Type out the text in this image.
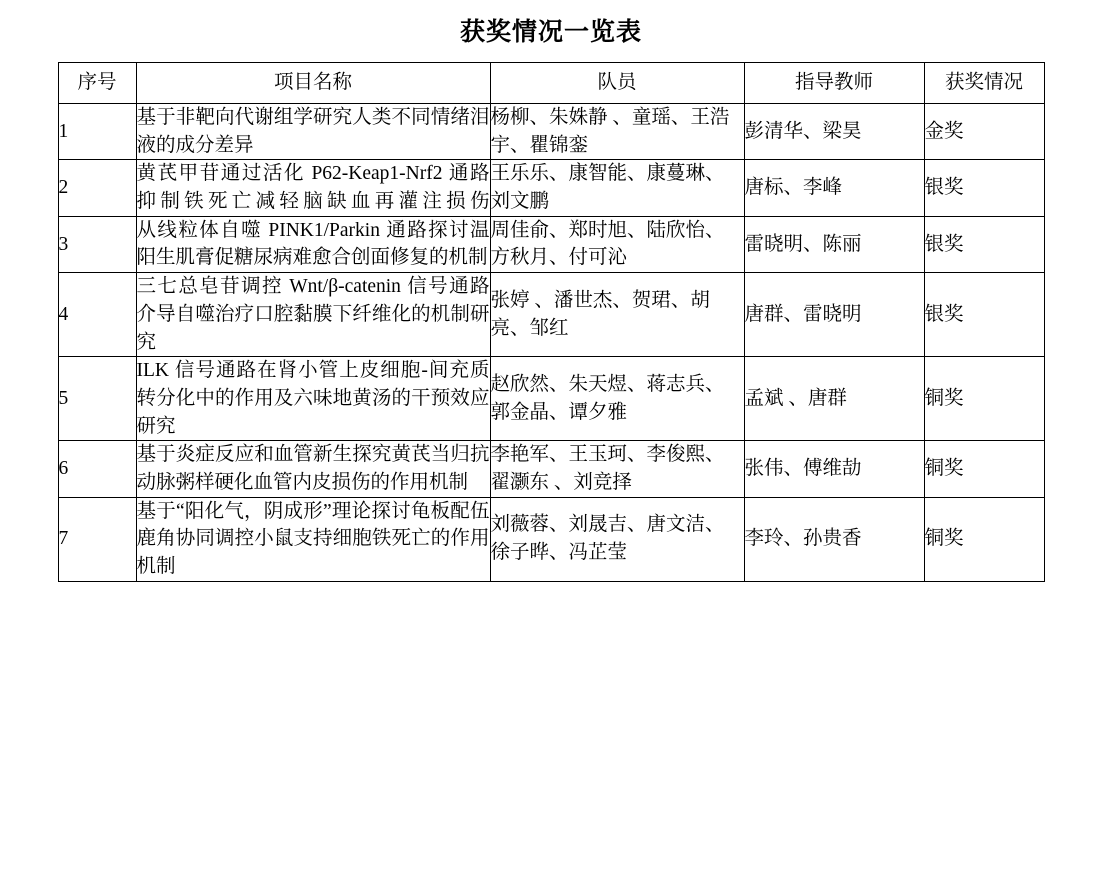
获奖情况一览表
序号	项目名称	队员	指导教师	获奖情况
1	基于非靶向代谢组学研究人类不同情绪泪液的成分差异	杨柳、朱姝静 、童瑶、王浩宇、瞿锦銮	彭清华、梁昊	金奖
2	黄芪甲苷通过活化 P62-Keap1-Nrf2 通路抑制铁死亡减轻脑缺血再灌注损伤	王乐乐、康智能、康蔓琳、刘文鹏	唐标、李峰	银奖
3	从线粒体自噬 PINK1/Parkin 通路探讨温阳生肌膏促糖尿病难愈合创面修复的机制	周佳俞、郑时旭、陆欣怡、方秋月、付可沁	雷晓明、陈丽	银奖
4	三七总皂苷调控 Wnt/β-catenin 信号通路介导自噬治疗口腔黏膜下纤维化的机制研究	张婷 、潘世杰、贺珺、胡亮、邹红	唐群、雷晓明	银奖
5	ILK 信号通路在肾小管上皮细胞-间充质转分化中的作用及六味地黄汤的干预效应研究	赵欣然、朱天煜、蒋志兵、郭金晶、谭夕雅	孟斌 、唐群	铜奖
6	基于炎症反应和血管新生探究黄芪当归抗动脉粥样硬化血管内皮损伤的作用机制	李艳军、王玉珂、李俊熙、翟灏东 、刘竞择	张伟、傅维劼	铜奖
7	基于“阳化气，阴成形”理论探讨龟板配伍鹿角协同调控小鼠支持细胞铁死亡的作用机制	刘薇蓉、刘晟吉、唐文洁、徐子晔、冯芷莹	李玲、孙贵香	铜奖
